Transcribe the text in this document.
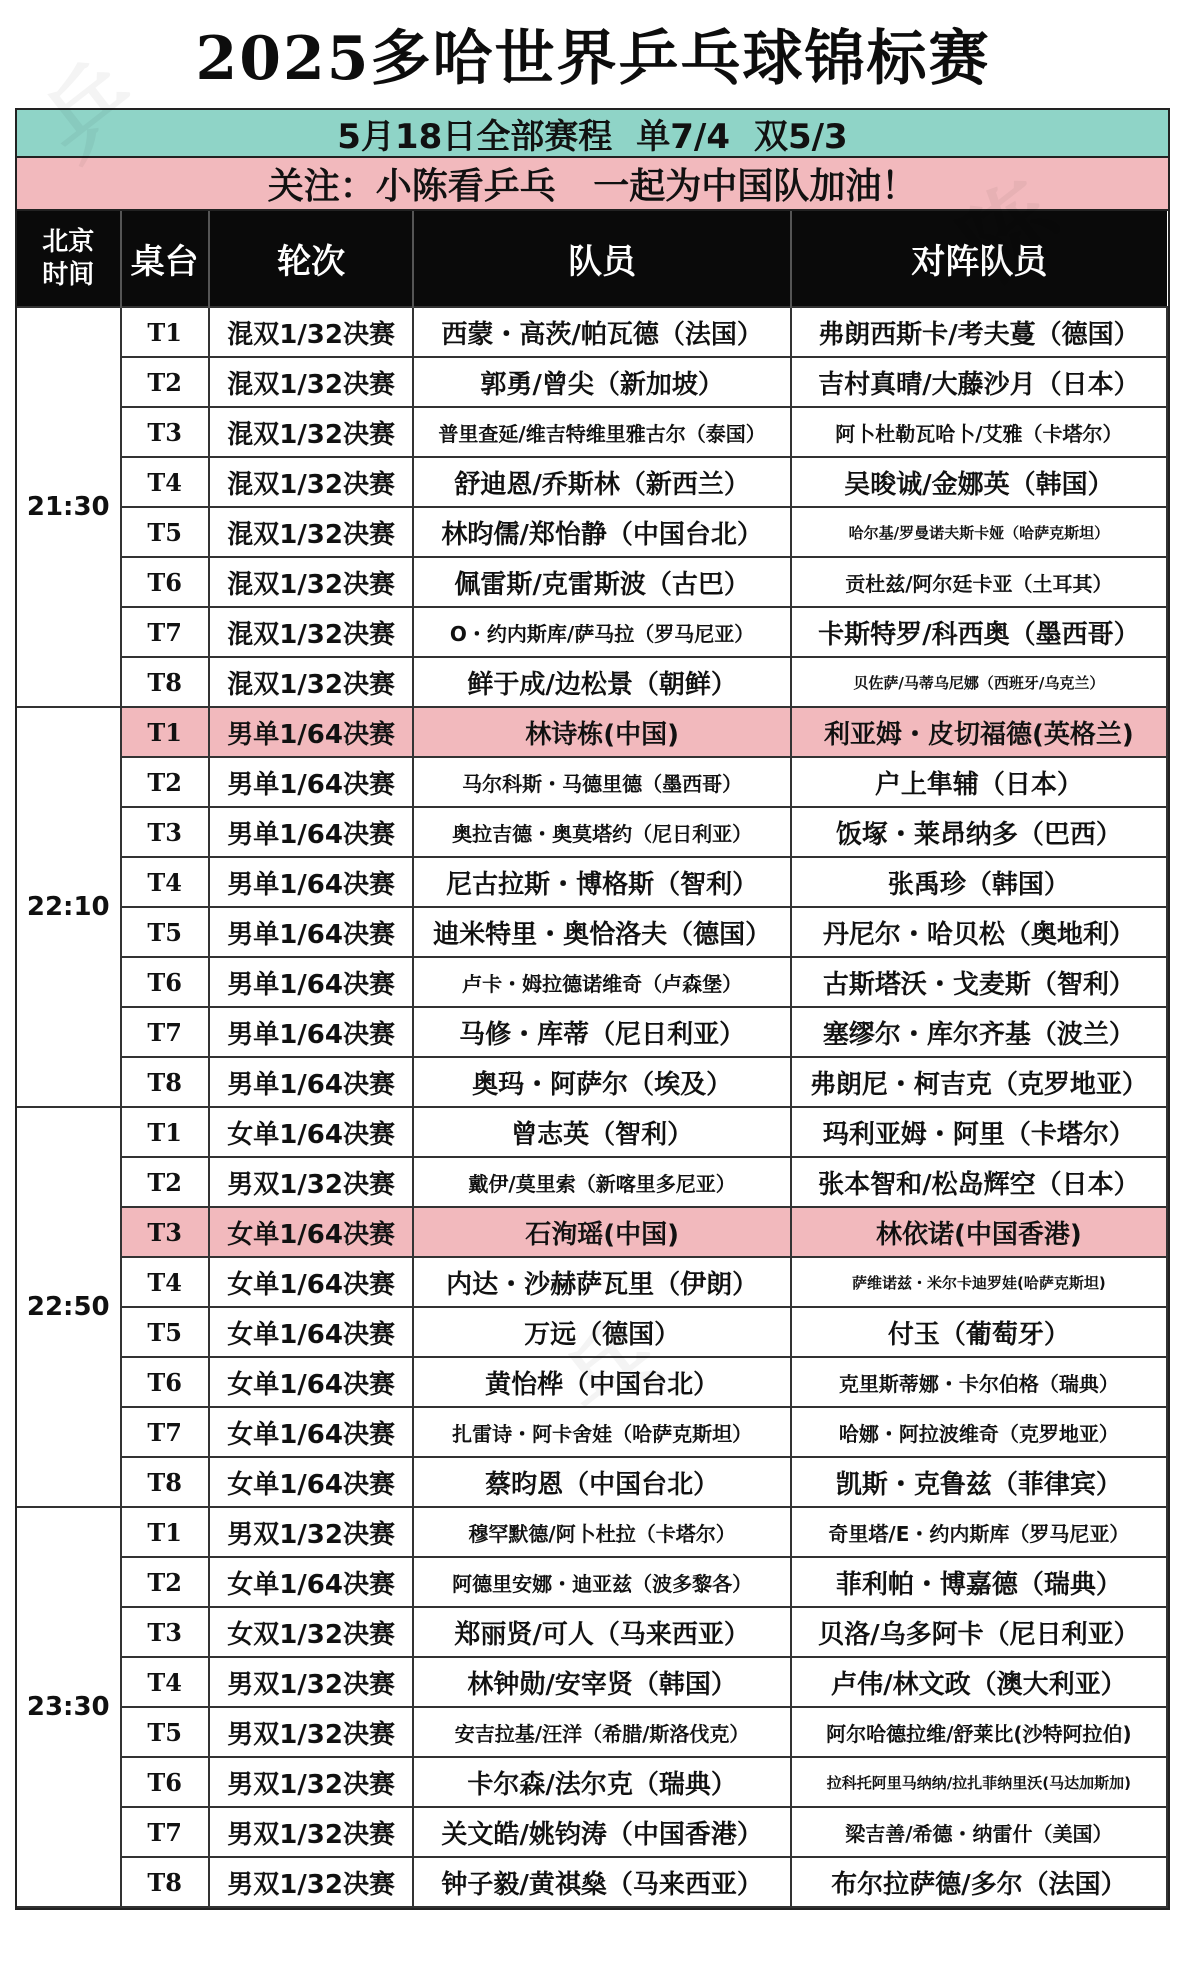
2025多哈世界乒乓球锦标赛
5月18日全部赛程 单7/4 双5/3
关注：小陈看乒乓   一起为中国队加油！
北京
时间	桌台	轮次	队员	对阵队员
21:30	T1	混双1/32决赛	西蒙・高茨/帕瓦德（法国）	弗朗西斯卡/考夫蔓（德国）
	T2	混双1/32决赛	郭勇/曾尖（新加坡）	吉村真晴/大藤沙月（日本）
	T3	混双1/32决赛	普里查延/维吉特维里雅古尔（泰国）	阿卜杜勒瓦哈卜/艾雅（卡塔尔）
	T4	混双1/32决赛	舒迪恩/乔斯林（新西兰）	吴晙诚/金娜英（韩国）
	T5	混双1/32决赛	林昀儒/郑怡静（中国台北）	哈尔基/罗曼诺夫斯卡娅（哈萨克斯坦）
	T6	混双1/32决赛	佩雷斯/克雷斯波（古巴）	贡杜兹/阿尔廷卡亚（土耳其）
	T7	混双1/32决赛	O・约内斯库/萨马拉（罗马尼亚）	卡斯特罗/科西奥（墨西哥）
	T8	混双1/32决赛	鲜于成/边松景（朝鲜）	贝佐萨/马蒂乌尼娜（西班牙/乌克兰）
22:10	T1	男单1/64决赛	林诗栋(中国)	利亚姆・皮切福德(英格兰)
	T2	男单1/64决赛	马尔科斯・马德里德（墨西哥）	户上隼辅（日本）
	T3	男单1/64决赛	奥拉吉德・奥莫塔约（尼日利亚）	饭塚・莱昂纳多（巴西）
	T4	男单1/64决赛	尼古拉斯・博格斯（智利）	张禹珍（韩国）
	T5	男单1/64决赛	迪米特里・奥恰洛夫（德国）	丹尼尔・哈贝松（奥地利）
	T6	男单1/64决赛	卢卡・姆拉德诺维奇（卢森堡）	古斯塔沃・戈麦斯（智利）
	T7	男单1/64决赛	马修・库蒂（尼日利亚）	塞缪尔・库尔齐基（波兰）
	T8	男单1/64决赛	奥玛・阿萨尔（埃及）	弗朗尼・柯吉克（克罗地亚）
22:50	T1	女单1/64决赛	曾志英（智利）	玛利亚姆・阿里（卡塔尔）
	T2	男双1/32决赛	戴伊/莫里索（新喀里多尼亚）	张本智和/松岛辉空（日本）
	T3	女单1/64决赛	石洵瑶(中国)	林依诺(中国香港)
	T4	女单1/64决赛	内达・沙赫萨瓦里（伊朗）	萨维诺兹・米尔卡迪罗娃(哈萨克斯坦)
	T5	女单1/64决赛	万远（德国）	付玉（葡萄牙）
	T6	女单1/64决赛	黄怡桦（中国台北）	克里斯蒂娜・卡尔伯格（瑞典）
	T7	女单1/64决赛	扎雷诗・阿卡舍娃（哈萨克斯坦）	哈娜・阿拉波维奇（克罗地亚）
	T8	女单1/64决赛	蔡昀恩（中国台北）	凯斯・克鲁兹（菲律宾）
23:30	T1	男双1/32决赛	穆罕默德/阿卜杜拉（卡塔尔）	奇里塔/E・约内斯库（罗马尼亚）
	T2	女单1/64决赛	阿德里安娜・迪亚兹（波多黎各）	菲利帕・博嘉德（瑞典）
	T3	女双1/32决赛	郑丽贤/可人（马来西亚）	贝洛/乌多阿卡（尼日利亚）
	T4	男双1/32决赛	林钟勋/安宰贤（韩国）	卢伟/林文政（澳大利亚）
	T5	男双1/32决赛	安吉拉基/汪洋（希腊/斯洛伐克）	阿尔哈德拉维/舒莱比(沙特阿拉伯)
	T6	男双1/32决赛	卡尔森/法尔克（瑞典）	拉科托阿里马纳纳/拉扎菲纳里沃(马达加斯加)
	T7	男双1/32决赛	关文皓/姚钧涛（中国香港）	梁吉善/希德・纳雷什（美国）
	T8	男双1/32决赛	钟子毅/黄祺燊（马来西亚）	布尔拉萨德/多尔（法国）
